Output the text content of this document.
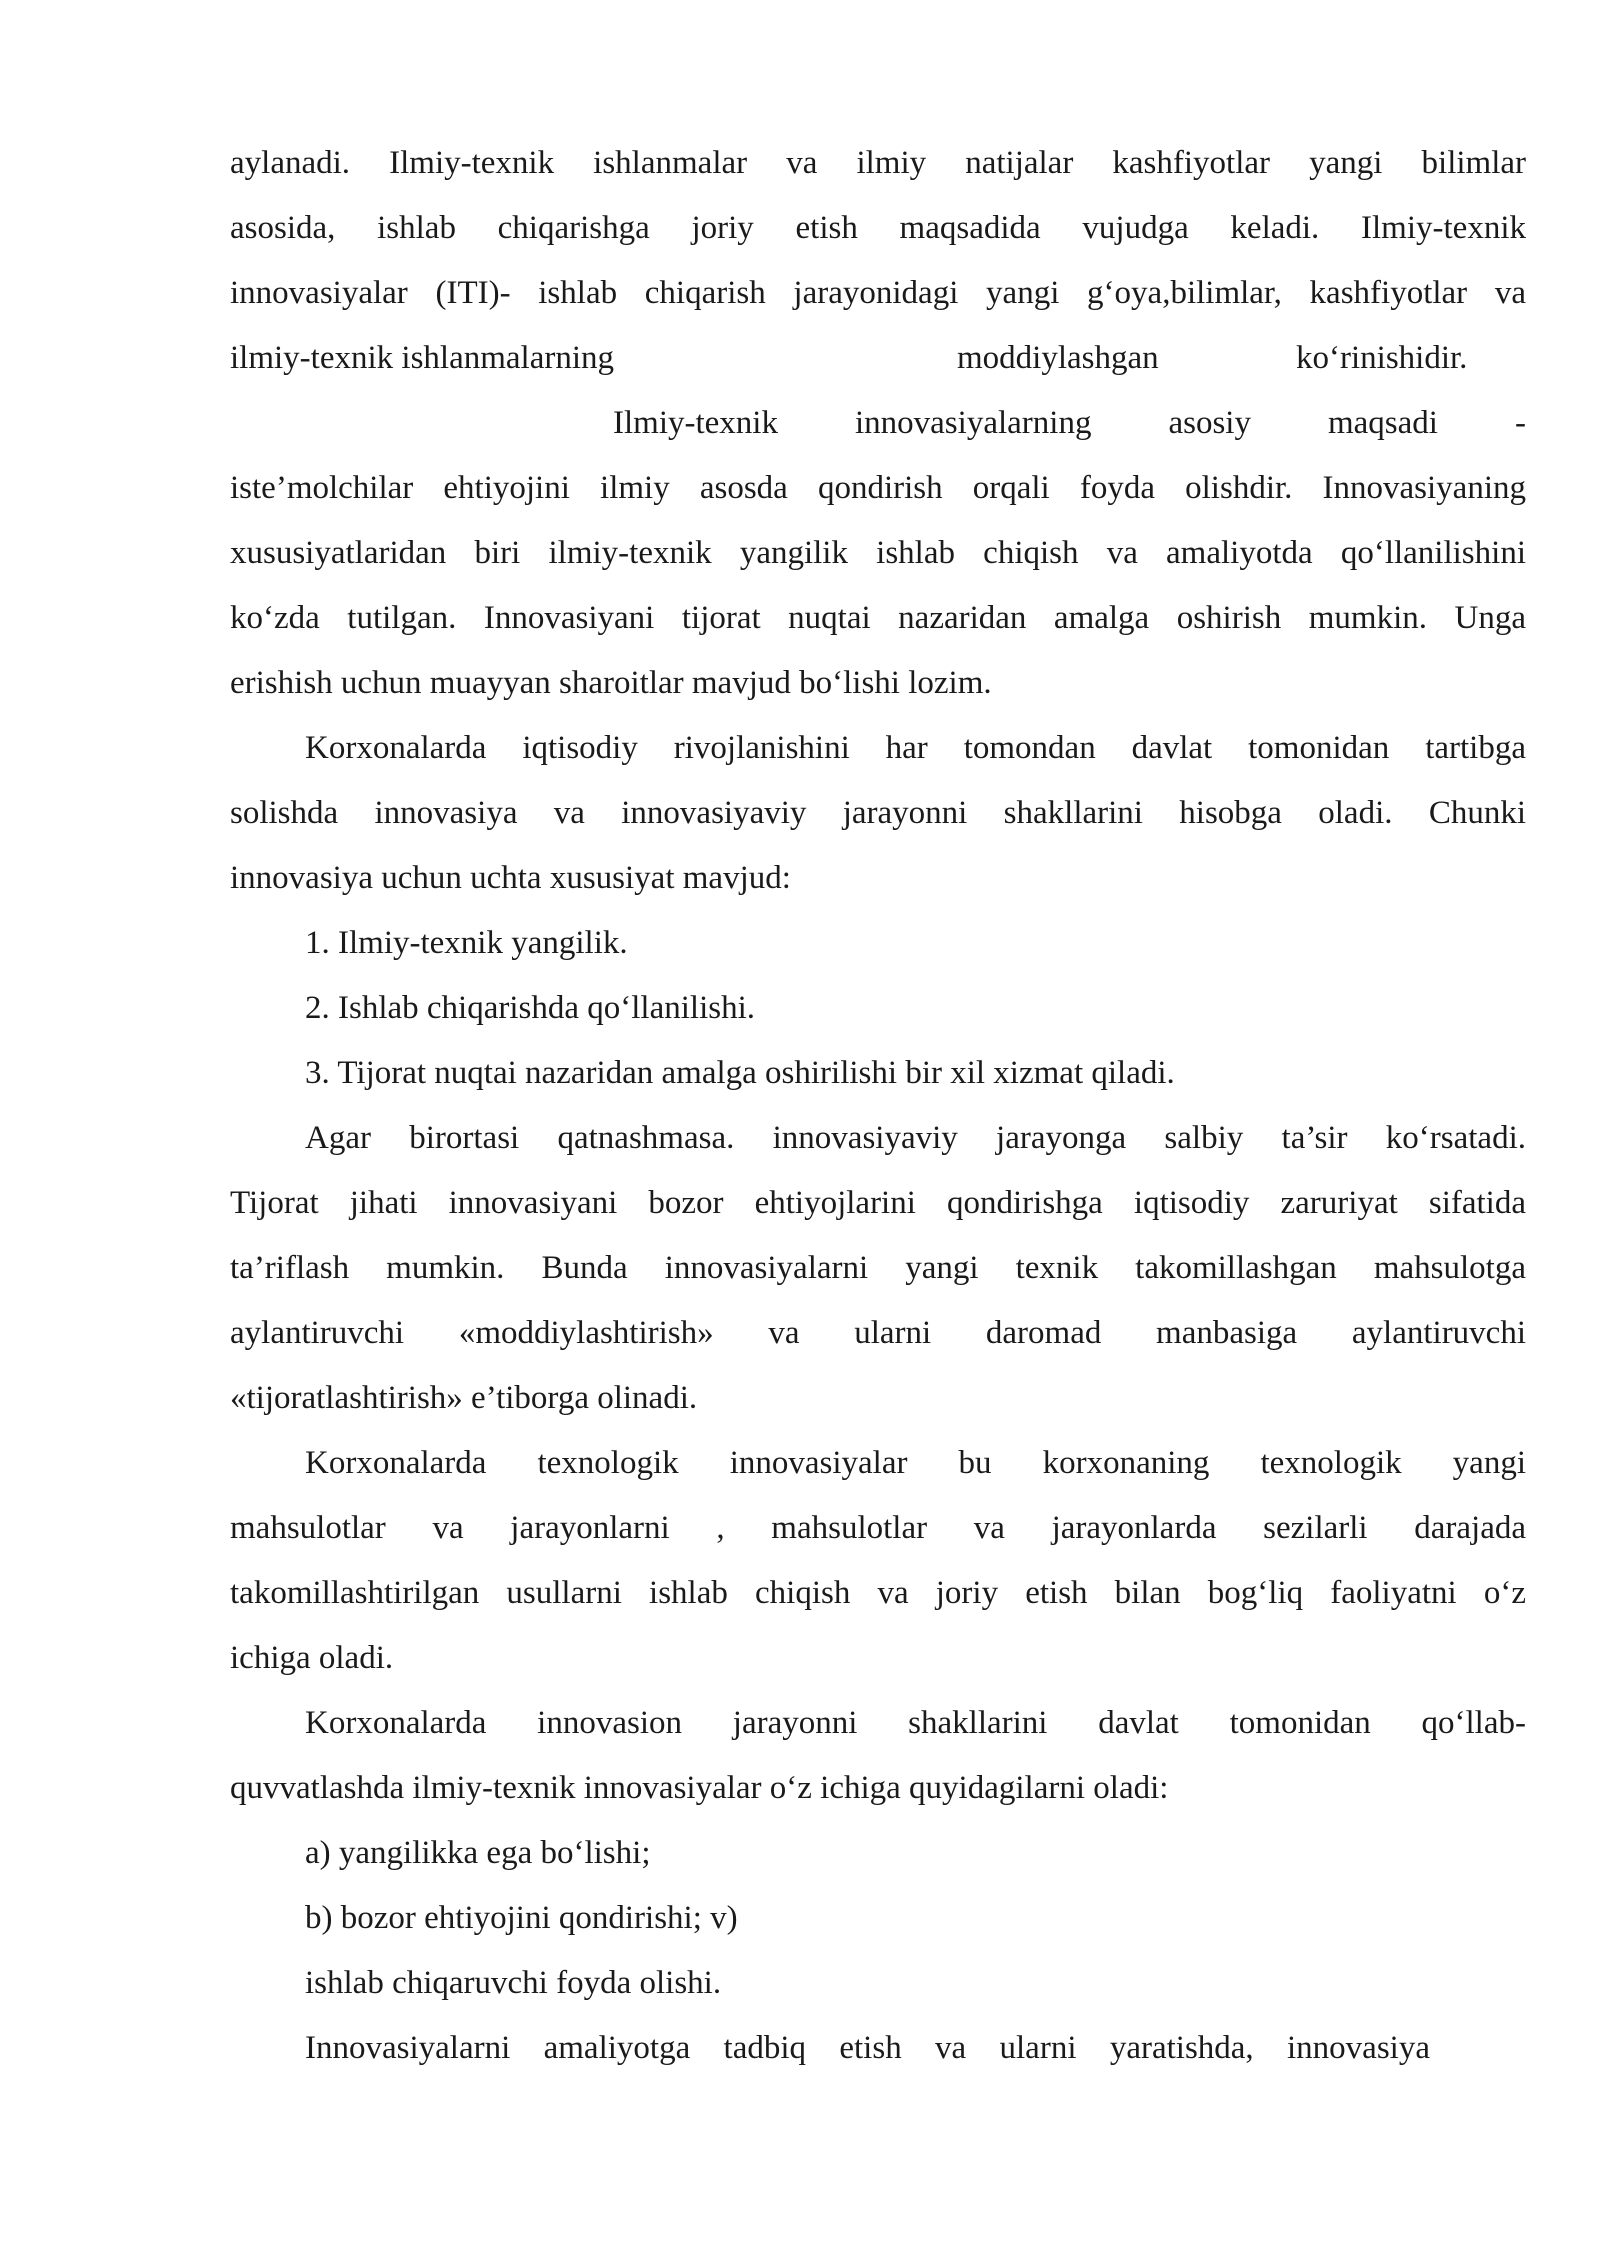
aylanadi. Ilmiy-texnik ishlanmalar va ilmiy natijalar kashfiyotlar yangi bilimlar
asosida, ishlab chiqarishga joriy etish maqsadida vujudga keladi. Ilmiy-texnik
innovasiyalar (ITI)- ishlab chiqarish jarayonidagi yangi g‘oya,bilimlar, kashfiyotlar va
ilmiy-texnik ishlanmalarning	moddiylashgan	ko‘rinishidir.
Ilmiy-texnik innovasiyalarning asosiy maqsadi -
iste’molchilar ehtiyojini ilmiy asosda qondirish orqali foyda olishdir. Innovasiyaning
xususiyatlaridan biri ilmiy-texnik yangilik ishlab chiqish va amaliyotda qo‘llanilishini
ko‘zda tutilgan. Innovasiyani tijorat nuqtai nazaridan amalga oshirish mumkin. Unga
erishish uchun muayyan sharoitlar mavjud bo‘lishi lozim.
Korxonalarda iqtisodiy rivojlanishini har tomondan davlat tomonidan tartibga
solishda innovasiya va innovasiyaviy jarayonni shakllarini hisobga oladi. Chunki
innovasiya uchun uchta xususiyat mavjud:
1. Ilmiy-texnik yangilik.
2. Ishlab chiqarishda qo‘llanilishi.
3. Tijorat nuqtai nazaridan amalga oshirilishi bir xil xizmat qiladi.
Agar birortasi qatnashmasa. innovasiyaviy jarayonga salbiy ta’sir ko‘rsatadi.
Tijorat jihati innovasiyani bozor ehtiyojlarini qondirishga iqtisodiy zaruriyat sifatida
ta’riflash mumkin. Bunda innovasiyalarni yangi texnik takomillashgan mahsulotga
aylantiruvchi «moddiylashtirish» va ularni daromad manbasiga aylantiruvchi
«tijoratlashtirish» e’tiborga olinadi.
Korxonalarda texnologik innovasiyalar bu korxonaning texnologik yangi
mahsulotlar va jarayonlarni , mahsulotlar va jarayonlarda sezilarli darajada
takomillashtirilgan usullarni ishlab chiqish va joriy etish bilan bog‘liq faoliyatni o‘z
ichiga oladi.
Korxonalarda innovasion jarayonni shakllarini davlat tomonidan qo‘llab-
quvvatlashda ilmiy-texnik innovasiyalar o‘z ichiga quyidagilarni oladi:
a) yangilikka ega bo‘lishi;
b) bozor ehtiyojini qondirishi; v)
ishlab chiqaruvchi foyda olishi.
Innovasiyalarni amaliyotga tadbiq etish va ularni yaratishda, innovasiya
